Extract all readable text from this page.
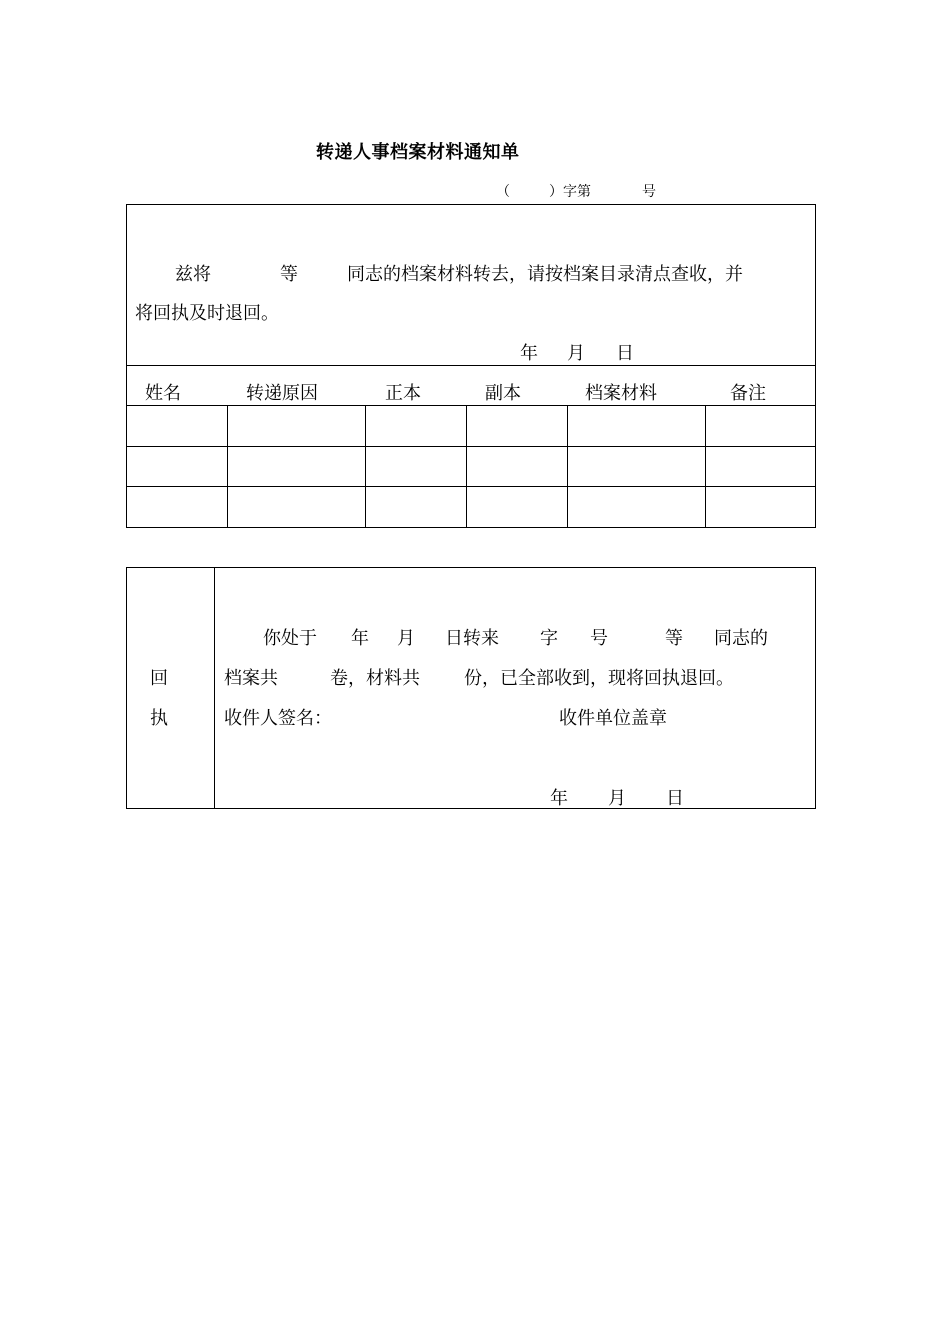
转递人事档案材料通知单
（	）字第	号
兹将	等	同志的档案材料转去，请按档案目录清点查收，并
将回执及时退回。
年 月 日
姓名	转递原因	正本	副本	档案材料	备注
回
执
你处于 年 月 日转来 字 号	等 同志的
档案共	卷，材料共 份，已全部收到，现将回执退回。
收件人签名：	收件单位盖章
年 月 日
